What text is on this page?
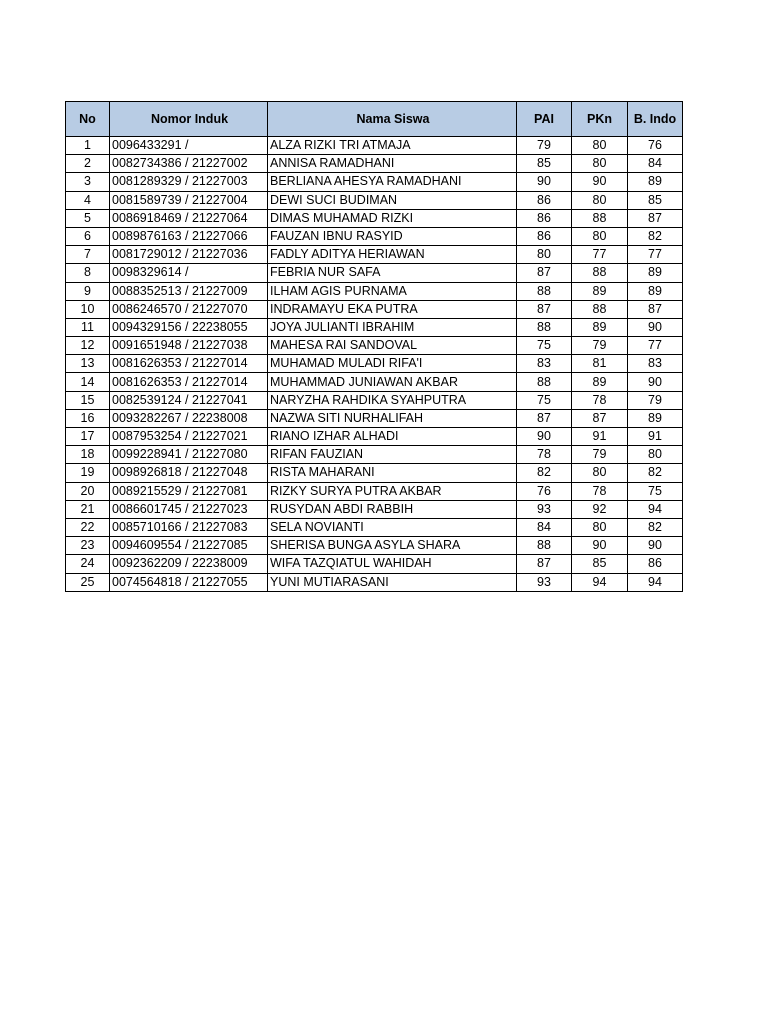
No	Nomor Induk	Nama Siswa	PAI	PKn	B. Indo
1	0096433291 /	ALZA RIZKI TRI ATMAJA	79	80	76
2	0082734386 / 21227002	ANNISA RAMADHANI	85	80	84
3	0081289329 / 21227003	BERLIANA AHESYA RAMADHANI	90	90	89
4	0081589739 / 21227004	DEWI SUCI BUDIMAN	86	80	85
5	0086918469 / 21227064	DIMAS MUHAMAD RIZKI	86	88	87
6	0089876163 / 21227066	FAUZAN IBNU RASYID	86	80	82
7	0081729012 / 21227036	FADLY ADITYA HERIAWAN	80	77	77
8	0098329614 /	FEBRIA NUR SAFA	87	88	89
9	0088352513 / 21227009	ILHAM AGIS PURNAMA	88	89	89
10	0086246570 / 21227070	INDRAMAYU EKA PUTRA	87	88	87
11	0094329156 / 22238055	JOYA JULIANTI IBRAHIM	88	89	90
12	0091651948 / 21227038	MAHESA RAI SANDOVAL	75	79	77
13	0081626353 / 21227014	MUHAMAD MULADI RIFA'I	83	81	83
14	0081626353 / 21227014	MUHAMMAD JUNIAWAN AKBAR	88	89	90
15	0082539124 / 21227041	NARYZHA RAHDIKA SYAHPUTRA	75	78	79
16	0093282267 / 22238008	NAZWA SITI NURHALIFAH	87	87	89
17	0087953254 / 21227021	RIANO IZHAR ALHADI	90	91	91
18	0099228941 / 21227080	RIFAN FAUZIAN	78	79	80
19	0098926818 / 21227048	RISTA MAHARANI	82	80	82
20	0089215529 / 21227081	RIZKY SURYA PUTRA AKBAR	76	78	75
21	0086601745 / 21227023	RUSYDAN ABDI RABBIH	93	92	94
22	0085710166 / 21227083	SELA NOVIANTI	84	80	82
23	0094609554 / 21227085	SHERISA BUNGA ASYLA SHARA	88	90	90
24	0092362209 / 22238009	WIFA TAZQIATUL WAHIDAH	87	85	86
25	0074564818 / 21227055	YUNI MUTIARASANI	93	94	94
